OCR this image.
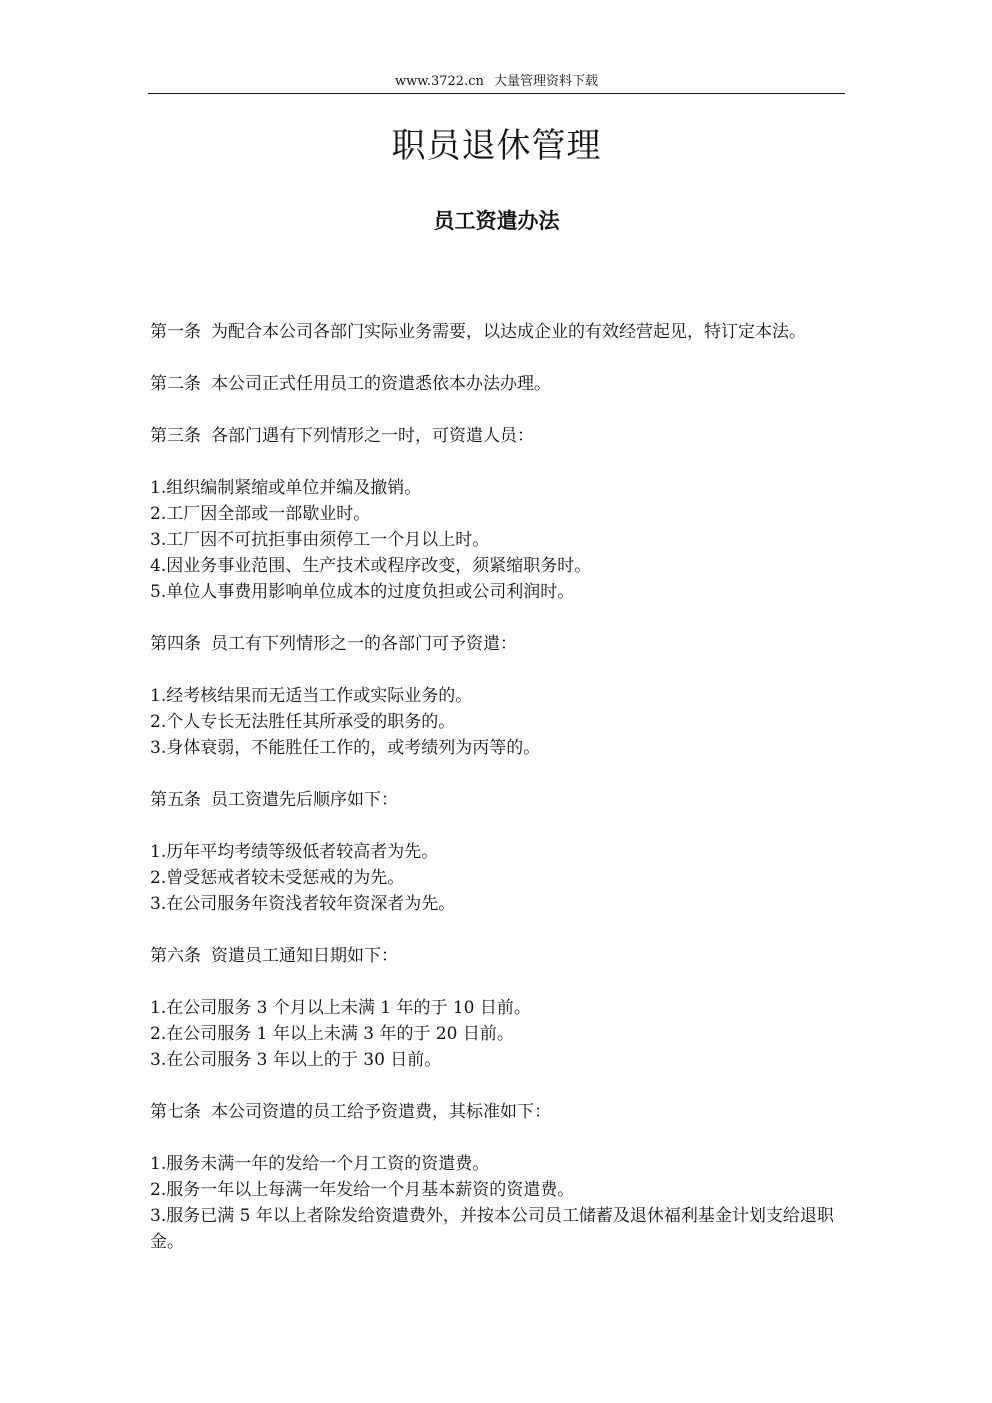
www.3722.cn 大量管理资料下载
职员退休管理
员工资遣办法

第一条 为配合本公司各部门实际业务需要，以达成企业的有效经营起见，特订定本法。

第二条 本公司正式任用员工的资遣悉依本办法办理。

第三条 各部门遇有下列情形之一时，可资遣人员：

1.组织编制紧缩或单位并编及撤销。

2.工厂因全部或一部歇业时。

3.工厂因不可抗拒事由须停工一个月以上时。

4.因业务事业范围、生产技术或程序改变，须紧缩职务时。

5.单位人事费用影响单位成本的过度负担或公司利润时。

第四条 员工有下列情形之一的各部门可予资遣：

1.经考核结果而无适当工作或实际业务的。

2.个人专长无法胜任其所承受的职务的。

3.身体衰弱，不能胜任工作的，或考绩列为丙等的。

第五条 员工资遣先后顺序如下：

1.历年平均考绩等级低者较高者为先。

2.曾受惩戒者较未受惩戒的为先。

3.在公司服务年资浅者较年资深者为先。

第六条 资遣员工通知日期如下：

1.在公司服务 3 个月以上未满 1 年的于 10 日前。

2.在公司服务 1 年以上未满 3 年的于 20 日前。

3.在公司服务 3 年以上的于 30 日前。

第七条 本公司资遣的员工给予资遣费，其标准如下：

1.服务未满一年的发给一个月工资的资遣费。

2.服务一年以上每满一年发给一个月基本薪资的资遣费。

3.服务已满 5 年以上者除发给资遣费外，并按本公司员工储蓄及退休福利基金计划支给退职金。
